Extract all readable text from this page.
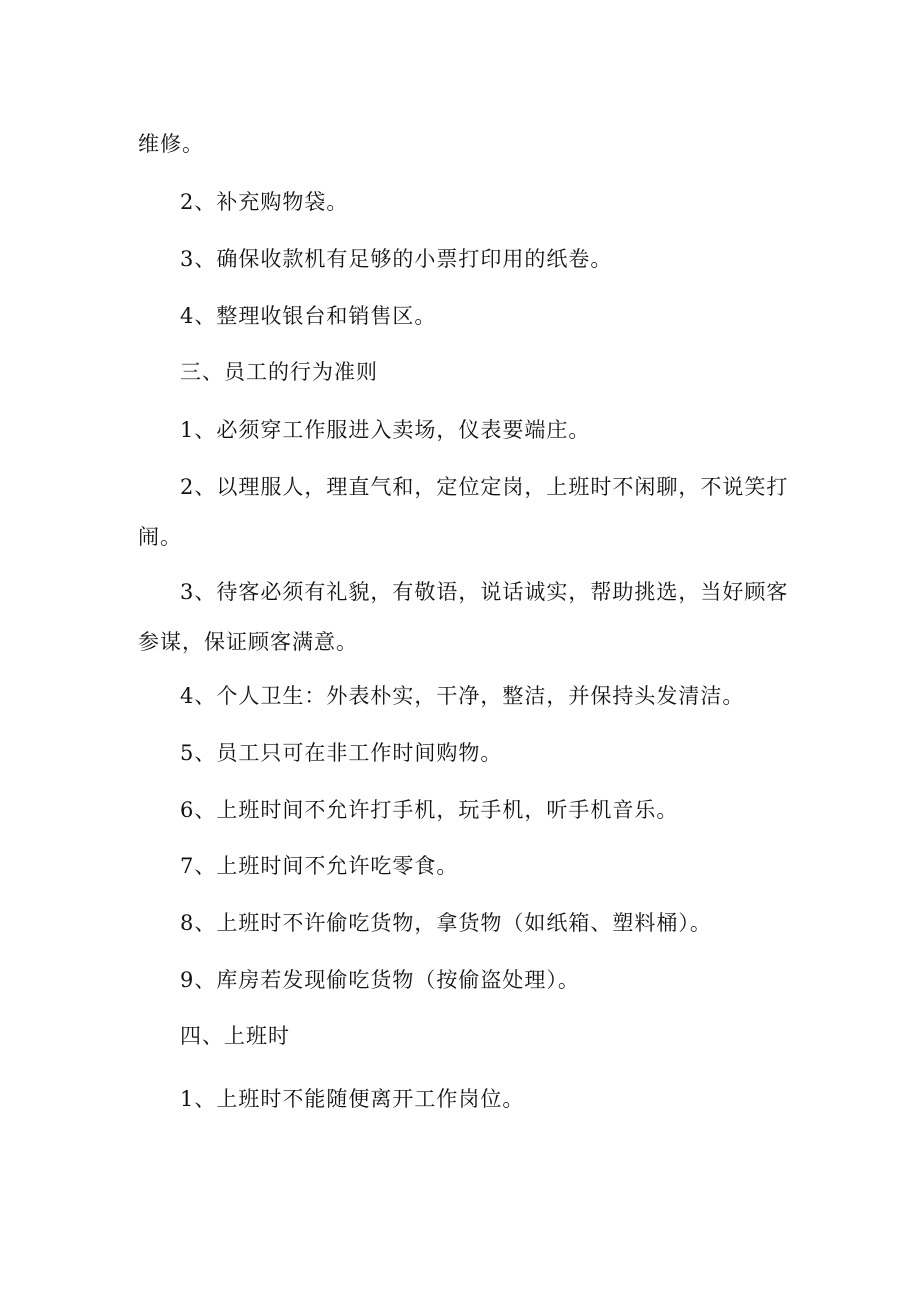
维修。

2、补充购物袋。

3、确保收款机有足够的小票打印用的纸卷。

4、整理收银台和销售区。

三、员工的行为准则

1、必须穿工作服进入卖场，仪表要端庄。

2、以理服人，理直气和，定位定岗，上班时不闲聊，不说笑打
闹。

3、待客必须有礼貌，有敬语，说话诚实，帮助挑选，当好顾客
参谋，保证顾客满意。

4、个人卫生：外表朴实，干净，整洁，并保持头发清洁。

5、员工只可在非工作时间购物。

6、上班时间不允许打手机，玩手机，听手机音乐。

7、上班时间不允许吃零食。

8、上班时不许偷吃货物，拿货物（如纸箱、塑料桶）。

9、库房若发现偷吃货物（按偷盗处理）。

四、上班时

1、上班时不能随便离开工作岗位。
